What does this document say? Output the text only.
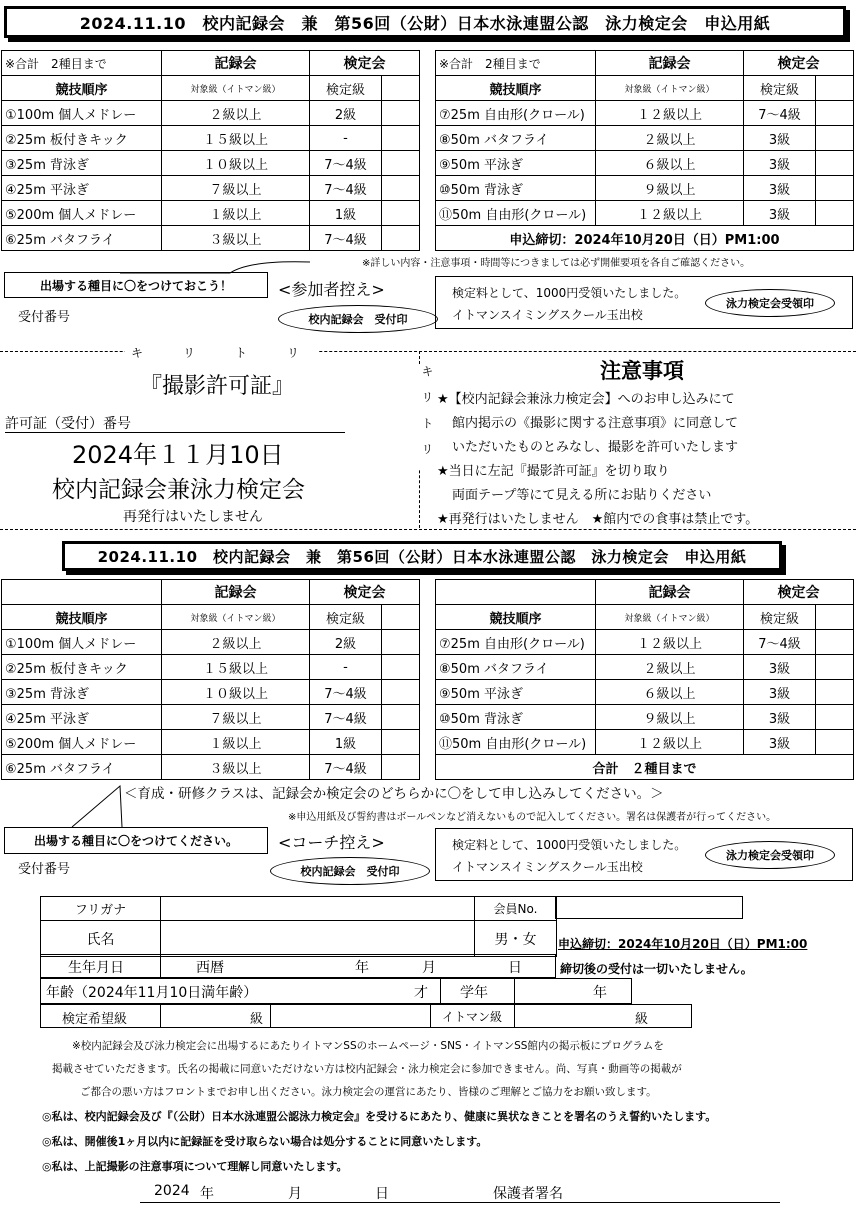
2024.11.10　校内記録会　兼　第56回（公財）日本水泳連盟公認　泳力検定会　申込用紙
※合計　2種目まで	記録会	検定会	
競技順序	対象級（イトマン級）	検定級	
①100m 個人メドレー	２級以上	2級	
②25m 板付きキック	１５級以上	-	
③25m 背泳ぎ	１０級以上	7～4級	
④25m 平泳ぎ	７級以上	7～4級	
⑤200m 個人メドレー	１級以上	1級	
⑥25m バタフライ	３級以上	7～4級	
※合計　2種目まで	記録会	検定会	
競技順序	対象級（イトマン級）	検定級	
⑦25m 自由形(クロール)	１２級以上	7～4級	
⑧50m バタフライ	２級以上	3級	
⑨50m 平泳ぎ	６級以上	3級	
⑩50m 背泳ぎ	９級以上	3級	
⑪50m 自由形(クロール)	１２級以上	3級	
申込締切：2024年10月20日（日）PM1:00			
※詳しい内容・注意事項・時間等につきましては必ず開催要項を各自ご確認ください。
出場する種目に〇をつけておこう！	<参加者控え>
受付番号	校内記録会　受付印
検定料として、1000円受領いたしました。
イトマンスイミングスクール玉出校
泳力検定会受領印
キ　リ　ト　リ
キリトリ
『撮影許可証』
許可証（受付）番号
2024年１１月10日
校内記録会兼泳力検定会
再発行はいたしません
注意事項
★【校内記録会兼泳力検定会】へのお申し込みにて
館内掲示の《撮影に関する注意事項》に同意して
いただいたものとみなし、撮影を許可いたします
★当日に左記『撮影許可証』を切り取り
両面テープ等にて見える所にお貼りください
★再発行はいたしません　★館内での食事は禁止です。
2024.11.10　校内記録会　兼　第56回（公財）日本水泳連盟公認　泳力検定会　申込用紙
	記録会	検定会	
競技順序	対象級（イトマン級）	検定級	
①100m 個人メドレー	２級以上	2級	
②25m 板付きキック	１５級以上	-	
③25m 背泳ぎ	１０級以上	7～4級	
④25m 平泳ぎ	７級以上	7～4級	
⑤200m 個人メドレー	１級以上	1級	
⑥25m バタフライ	３級以上	7～4級	
	記録会	検定会	
競技順序	対象級（イトマン級）	検定級	
⑦25m 自由形(クロール)	１２級以上	7～4級	
⑧50m バタフライ	２級以上	3級	
⑨50m 平泳ぎ	６級以上	3級	
⑩50m 背泳ぎ	９級以上	3級	
⑪50m 自由形(クロール)	１２級以上	3級	
合計　２種目まで			
＜育成・研修クラスは、記録会か検定会のどちらかに〇をして申し込みしてください。＞
※申込用紙及び誓約書はボールペンなど消えないもので記入してください。署名は保護者が行ってください。
出場する種目に〇をつけてください。	<コーチ控え>
受付番号	校内記録会　受付印
検定料として、1000円受領いたしました。
イトマンスイミングスクール玉出校
泳力検定会受領印
フリガナ		会員No.
氏名		男・女 申込締切：2024年10月20日（日）PM1:00
生年月日	西暦	年	月	日	締切後の受付は一切いたしません。
年齢（2024年11月10日満年齢）	才 学年	年
検定希望級	級	イトマン級	級
※校内記録会及び泳力検定会に出場するにあたりイトマンSSのホームページ・SNS・イトマンSS館内の掲示板にプログラムを
掲載させていただきます。氏名の掲載に同意いただけない方は校内記録会・泳力検定会に参加できません。尚、写真・動画等の掲載が
ご都合の悪い方はフロントまでお申し出ください。泳力検定会の運営にあたり、皆様のご理解とご協力をお願い致します。
◎私は、校内記録会及び『（公財）日本水泳連盟公認泳力検定会』を受けるにあたり、健康に異状なきことを署名のうえ誓約いたします。
◎私は、開催後1ヶ月以内に記録証を受け取らない場合は処分することに同意いたします。
◎私は、上記撮影の注意事項について理解し同意いたします。
2024 年	月	日	保護者署名
